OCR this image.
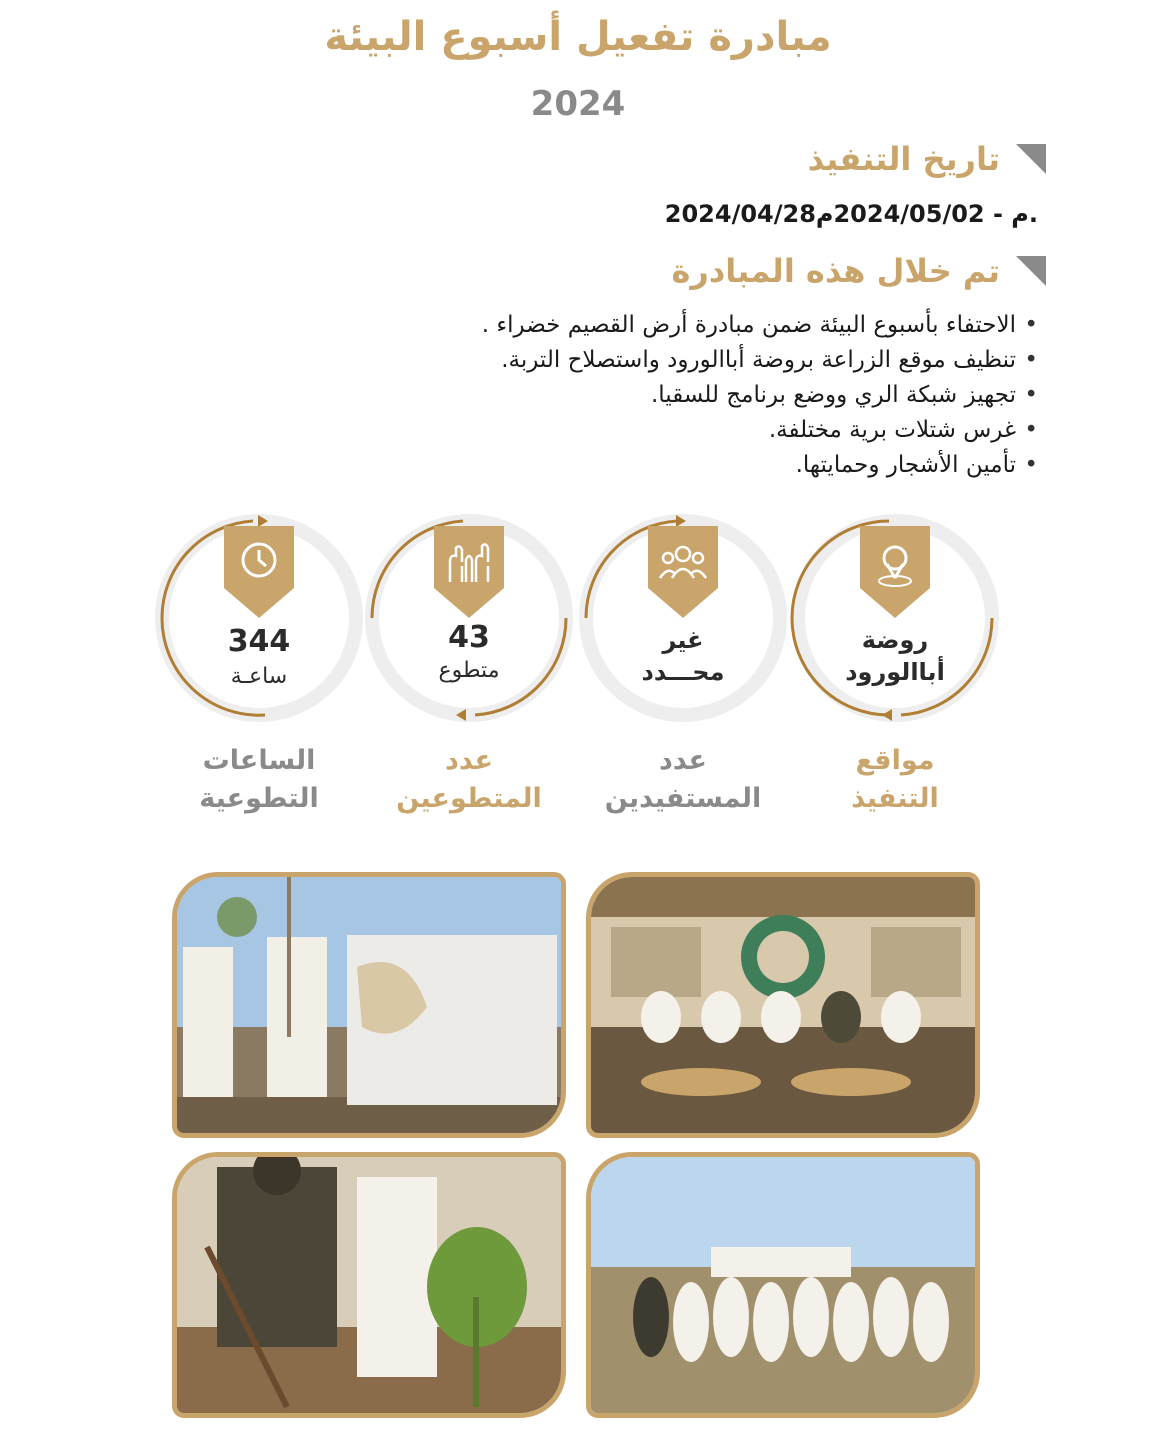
مبادرة تفعيل أسبوع البيئة
2024
تاريخ التنفيذ
2024/04/28م - 2024/05/02م.
تم خلال هذه المبادرة
• الاحتفاء بأسبوع البيئة ضمن مبادرة أرض القصيم خضراء .
• تنظيف موقع الزراعة بروضة أباالورود واستصلاح التربة.
• تجهيز شبكة الري ووضع برنامج للسقيا.
• غرس شتلات برية مختلفة.
• تأمين الأشجار وحمايتها.
روضة
أباالورود
غير
محـــدد
43
متطوع
344
ساعـة
مواقع
التنفيذ
عدد
المستفيدين
عدد
المتطوعين
الساعات
التطوعية
